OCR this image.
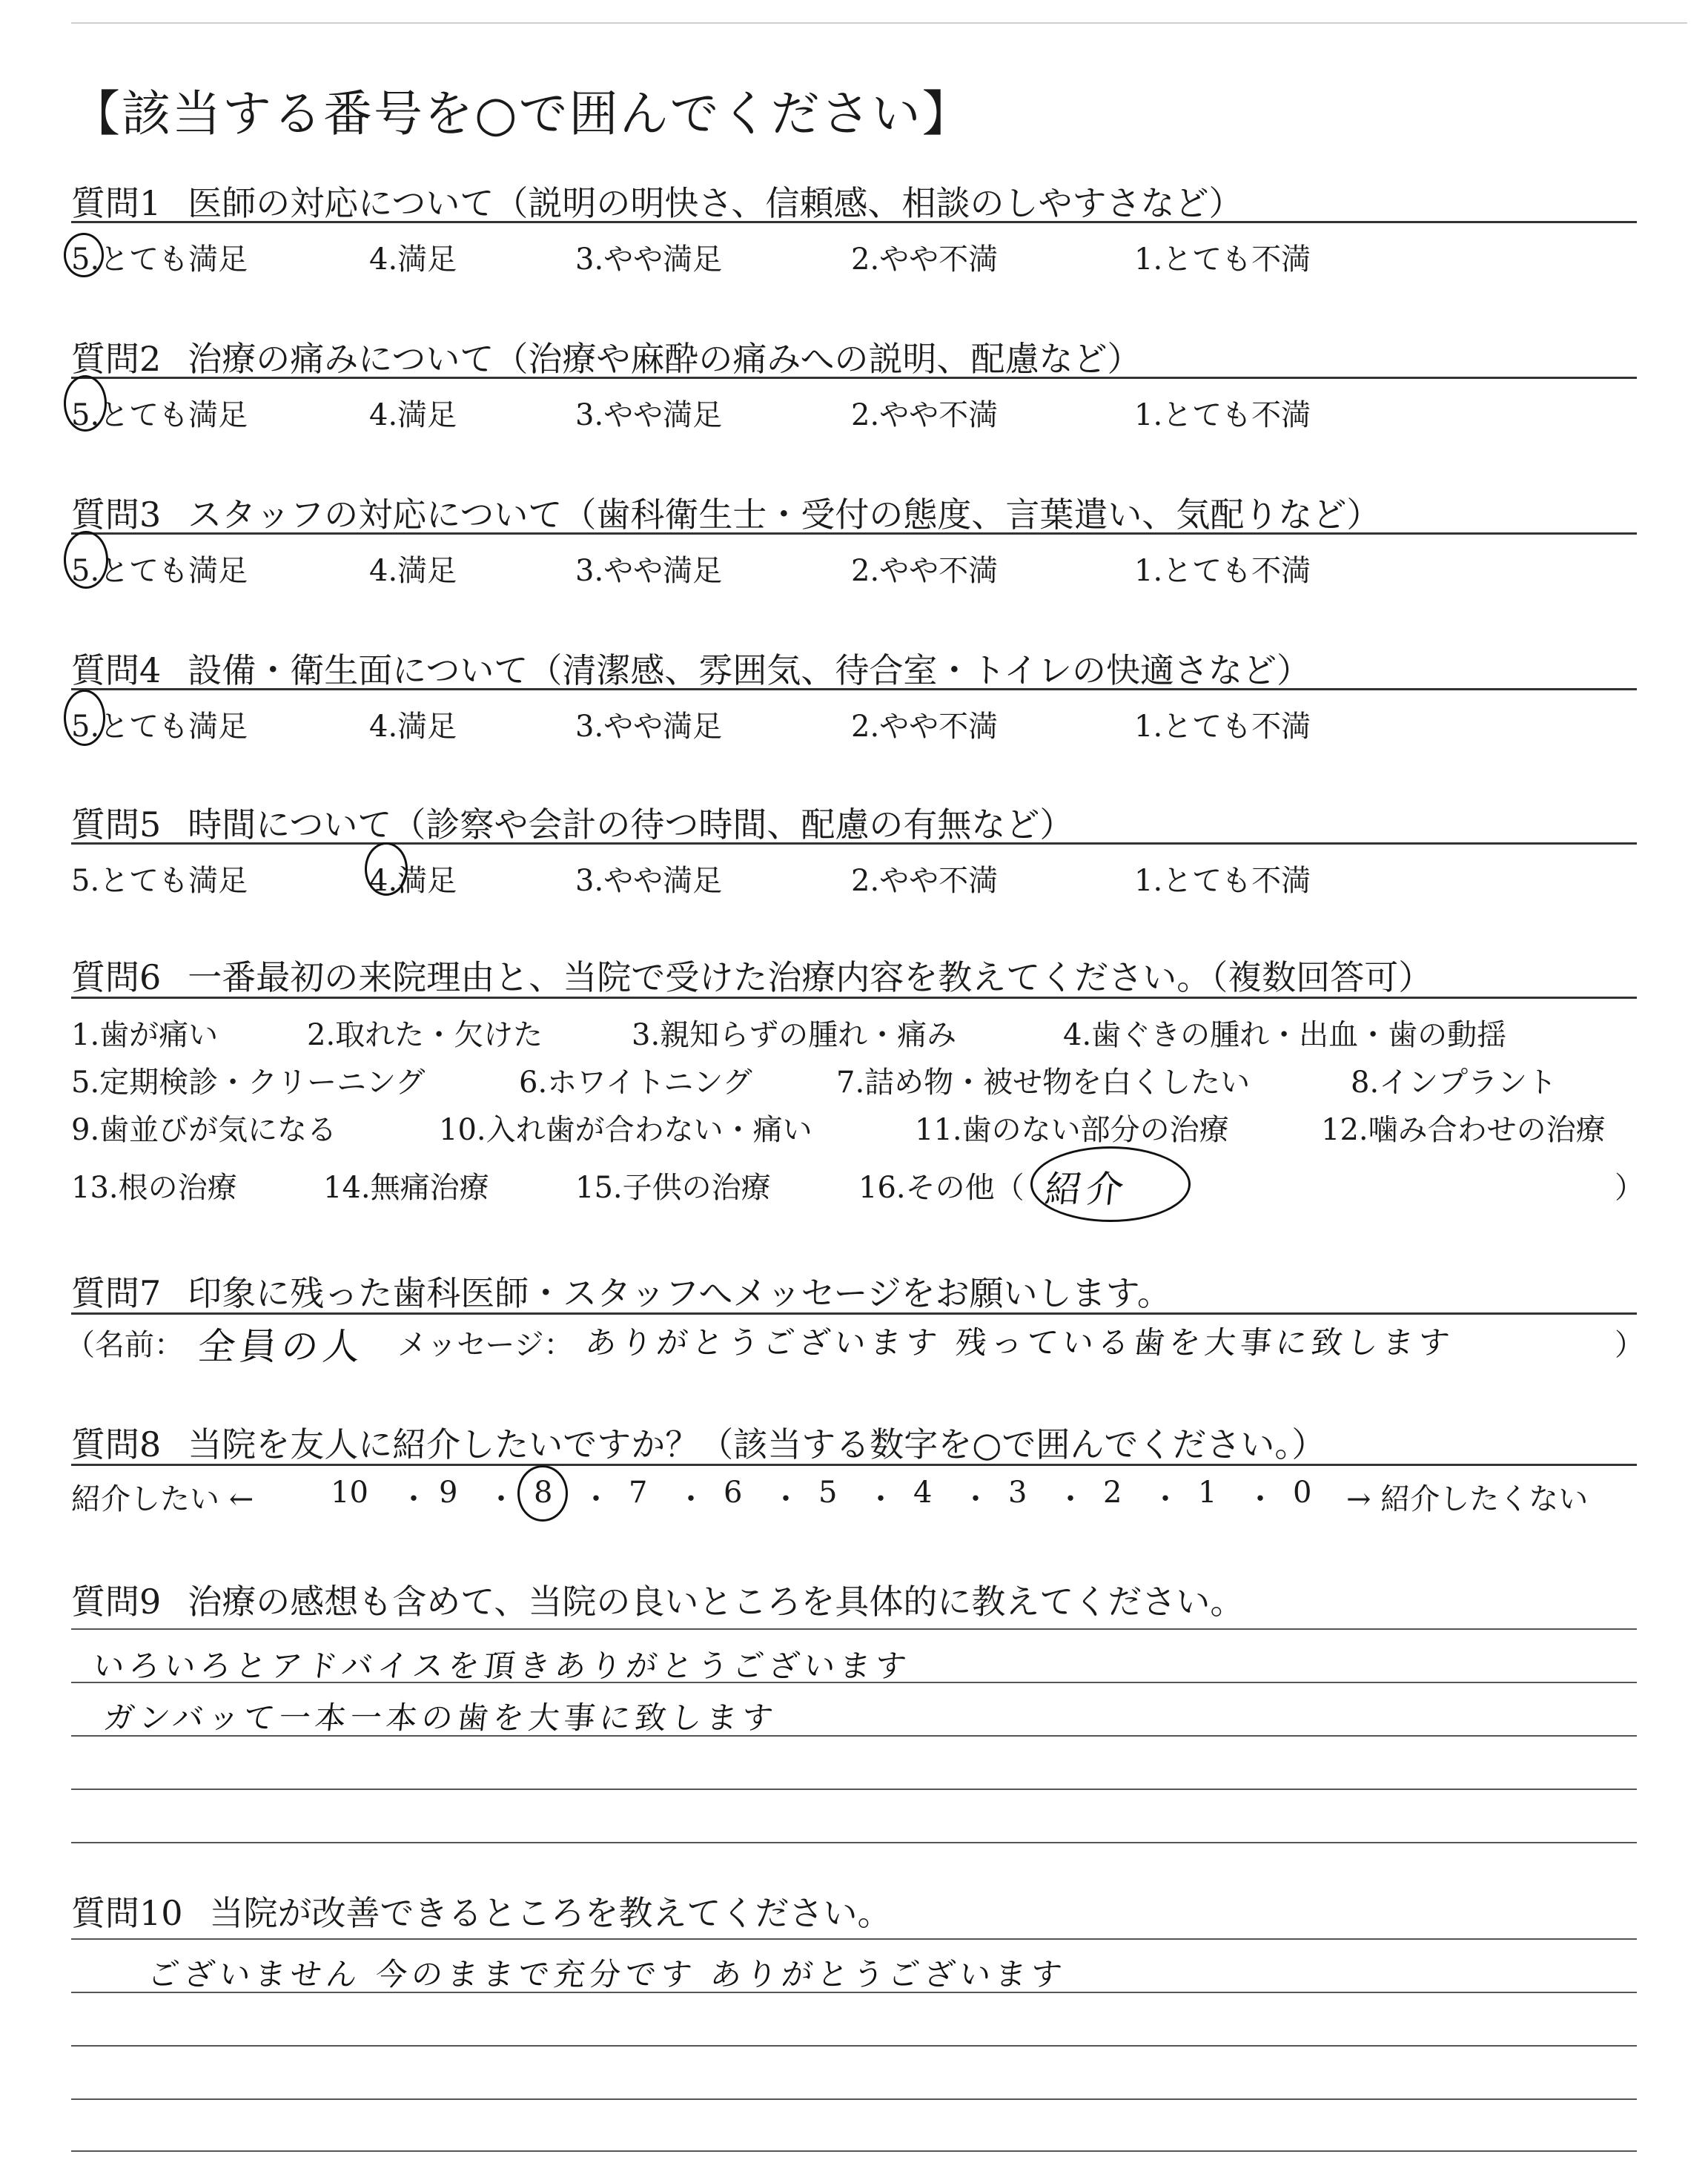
【該当する番号を○で囲んでください】
質問1 医師の対応について（説明の明快さ、信頼感、相談のしやすさなど）
5.とても満足	4.満足	3.やや満足	2.やや不満	1.とても不満
質問2 治療の痛みについて（治療や麻酔の痛みへの説明、配慮など）
5.とても満足	4.満足	3.やや満足	2.やや不満	1.とても不満
質問3 スタッフの対応について（歯科衛生士・受付の態度、言葉遣い、気配りなど）
5.とても満足	4.満足	3.やや満足	2.やや不満	1.とても不満
質問4 設備・衛生面について（清潔感、雰囲気、待合室・トイレの快適さなど）
5.とても満足	4.満足	3.やや満足	2.やや不満	1.とても不満
質問5 時間について（診察や会計の待つ時間、配慮の有無など）
5.とても満足	4.満足	3.やや満足	2.やや不満	1.とても不満
質問6 一番最初の来院理由と、当院で受けた治療内容を教えてください。（複数回答可）
1.歯が痛い	2.取れた・欠けた	3.親知らずの腫れ・痛み	4.歯ぐきの腫れ・出血・歯の動揺
5.定期検診・クリーニング	6.ホワイトニング	7.詰め物・被せ物を白くしたい	8.インプラント
9.歯並びが気になる	10.入れ歯が合わない・痛い	11.歯のない部分の治療	12.噛み合わせの治療
13.根の治療	14.無痛治療	15.子供の治療	16.その他（ 紹介	）
質問7 印象に残った歯科医師・スタッフへメッセージをお願いします。
（名前： 全員の人 メッセージ： ありがとうございます 残っている歯を大事に致します	）
質問8 当院を友人に紹介したいですか？（該当する数字を○で囲んでください。）
紹介したい ←	10 9	8	7	6	5	4	3	2	1	0
・ ・ ・ ・ ・ ・ ・ ・ ・ ・ → 紹介したくない
質問9 治療の感想も含めて、当院の良いところを具体的に教えてください。
いろいろとアドバイスを頂きありがとうございます
ガンバッて一本一本の歯を大事に致します
質問10 当院が改善できるところを教えてください。
ございません 今のままで充分です ありがとうございます
